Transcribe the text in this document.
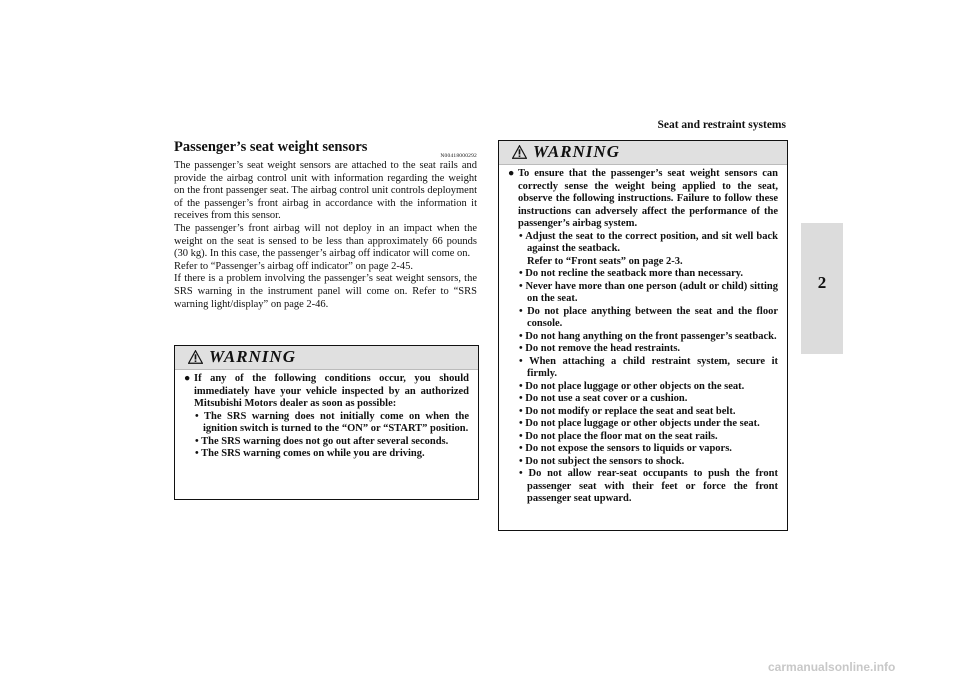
Seat and restraint systems
2
Passenger’s seat weight sensors
N00418000292

The passenger’s seat weight sensors are attached to the seat rails and provide the airbag control unit with information regarding the weight on the front passenger seat. The airbag control unit controls deployment of the passenger’s front airbag in accordance with the information it receives from this sensor.

The passenger’s front airbag will not deploy in an impact when the weight on the seat is sensed to be less than approximately 66 pounds (30 kg). In this case, the passenger’s airbag off indicator will come on.

Refer to “Passenger’s airbag off indicator” on page 2-45.

If there is a problem involving the passenger’s seat weight sensors, the SRS warning in the instrument panel will come on. Refer to “SRS warning light/display” on page 2-46.

WARNING
● If any of the following conditions occur, you should immediately have your vehicle inspected by an authorized Mitsubishi Motors dealer as soon as possible:
• The SRS warning does not initially come on when the ignition switch is turned to the “ON” or “START” position.
• The SRS warning does not go out after several seconds.
• The SRS warning comes on while you are driving.
WARNING
● To ensure that the passenger’s seat weight sensors can correctly sense the weight being applied to the seat, observe the following instructions. Failure to follow these instructions can adversely affect the performance of the passenger’s airbag system.
• Adjust the seat to the correct position, and sit well back against the seatback.
Refer to “Front seats” on page 2-3.
• Do not recline the seatback more than necessary.
• Never have more than one person (adult or child) sitting on the seat.
• Do not place anything between the seat and the floor console.
• Do not hang anything on the front passenger’s seatback.
• Do not remove the head restraints.
• When attaching a child restraint system, secure it firmly.
• Do not place luggage or other objects on the seat.
• Do not use a seat cover or a cushion.
• Do not modify or replace the seat and seat belt.
• Do not place luggage or other objects under the seat.
• Do not place the floor mat on the seat rails.
• Do not expose the sensors to liquids or vapors.
• Do not subject the sensors to shock.
• Do not allow rear-seat occupants to push the front passenger seat with their feet or force the front passenger seat upward.
carmanualsonline.info
